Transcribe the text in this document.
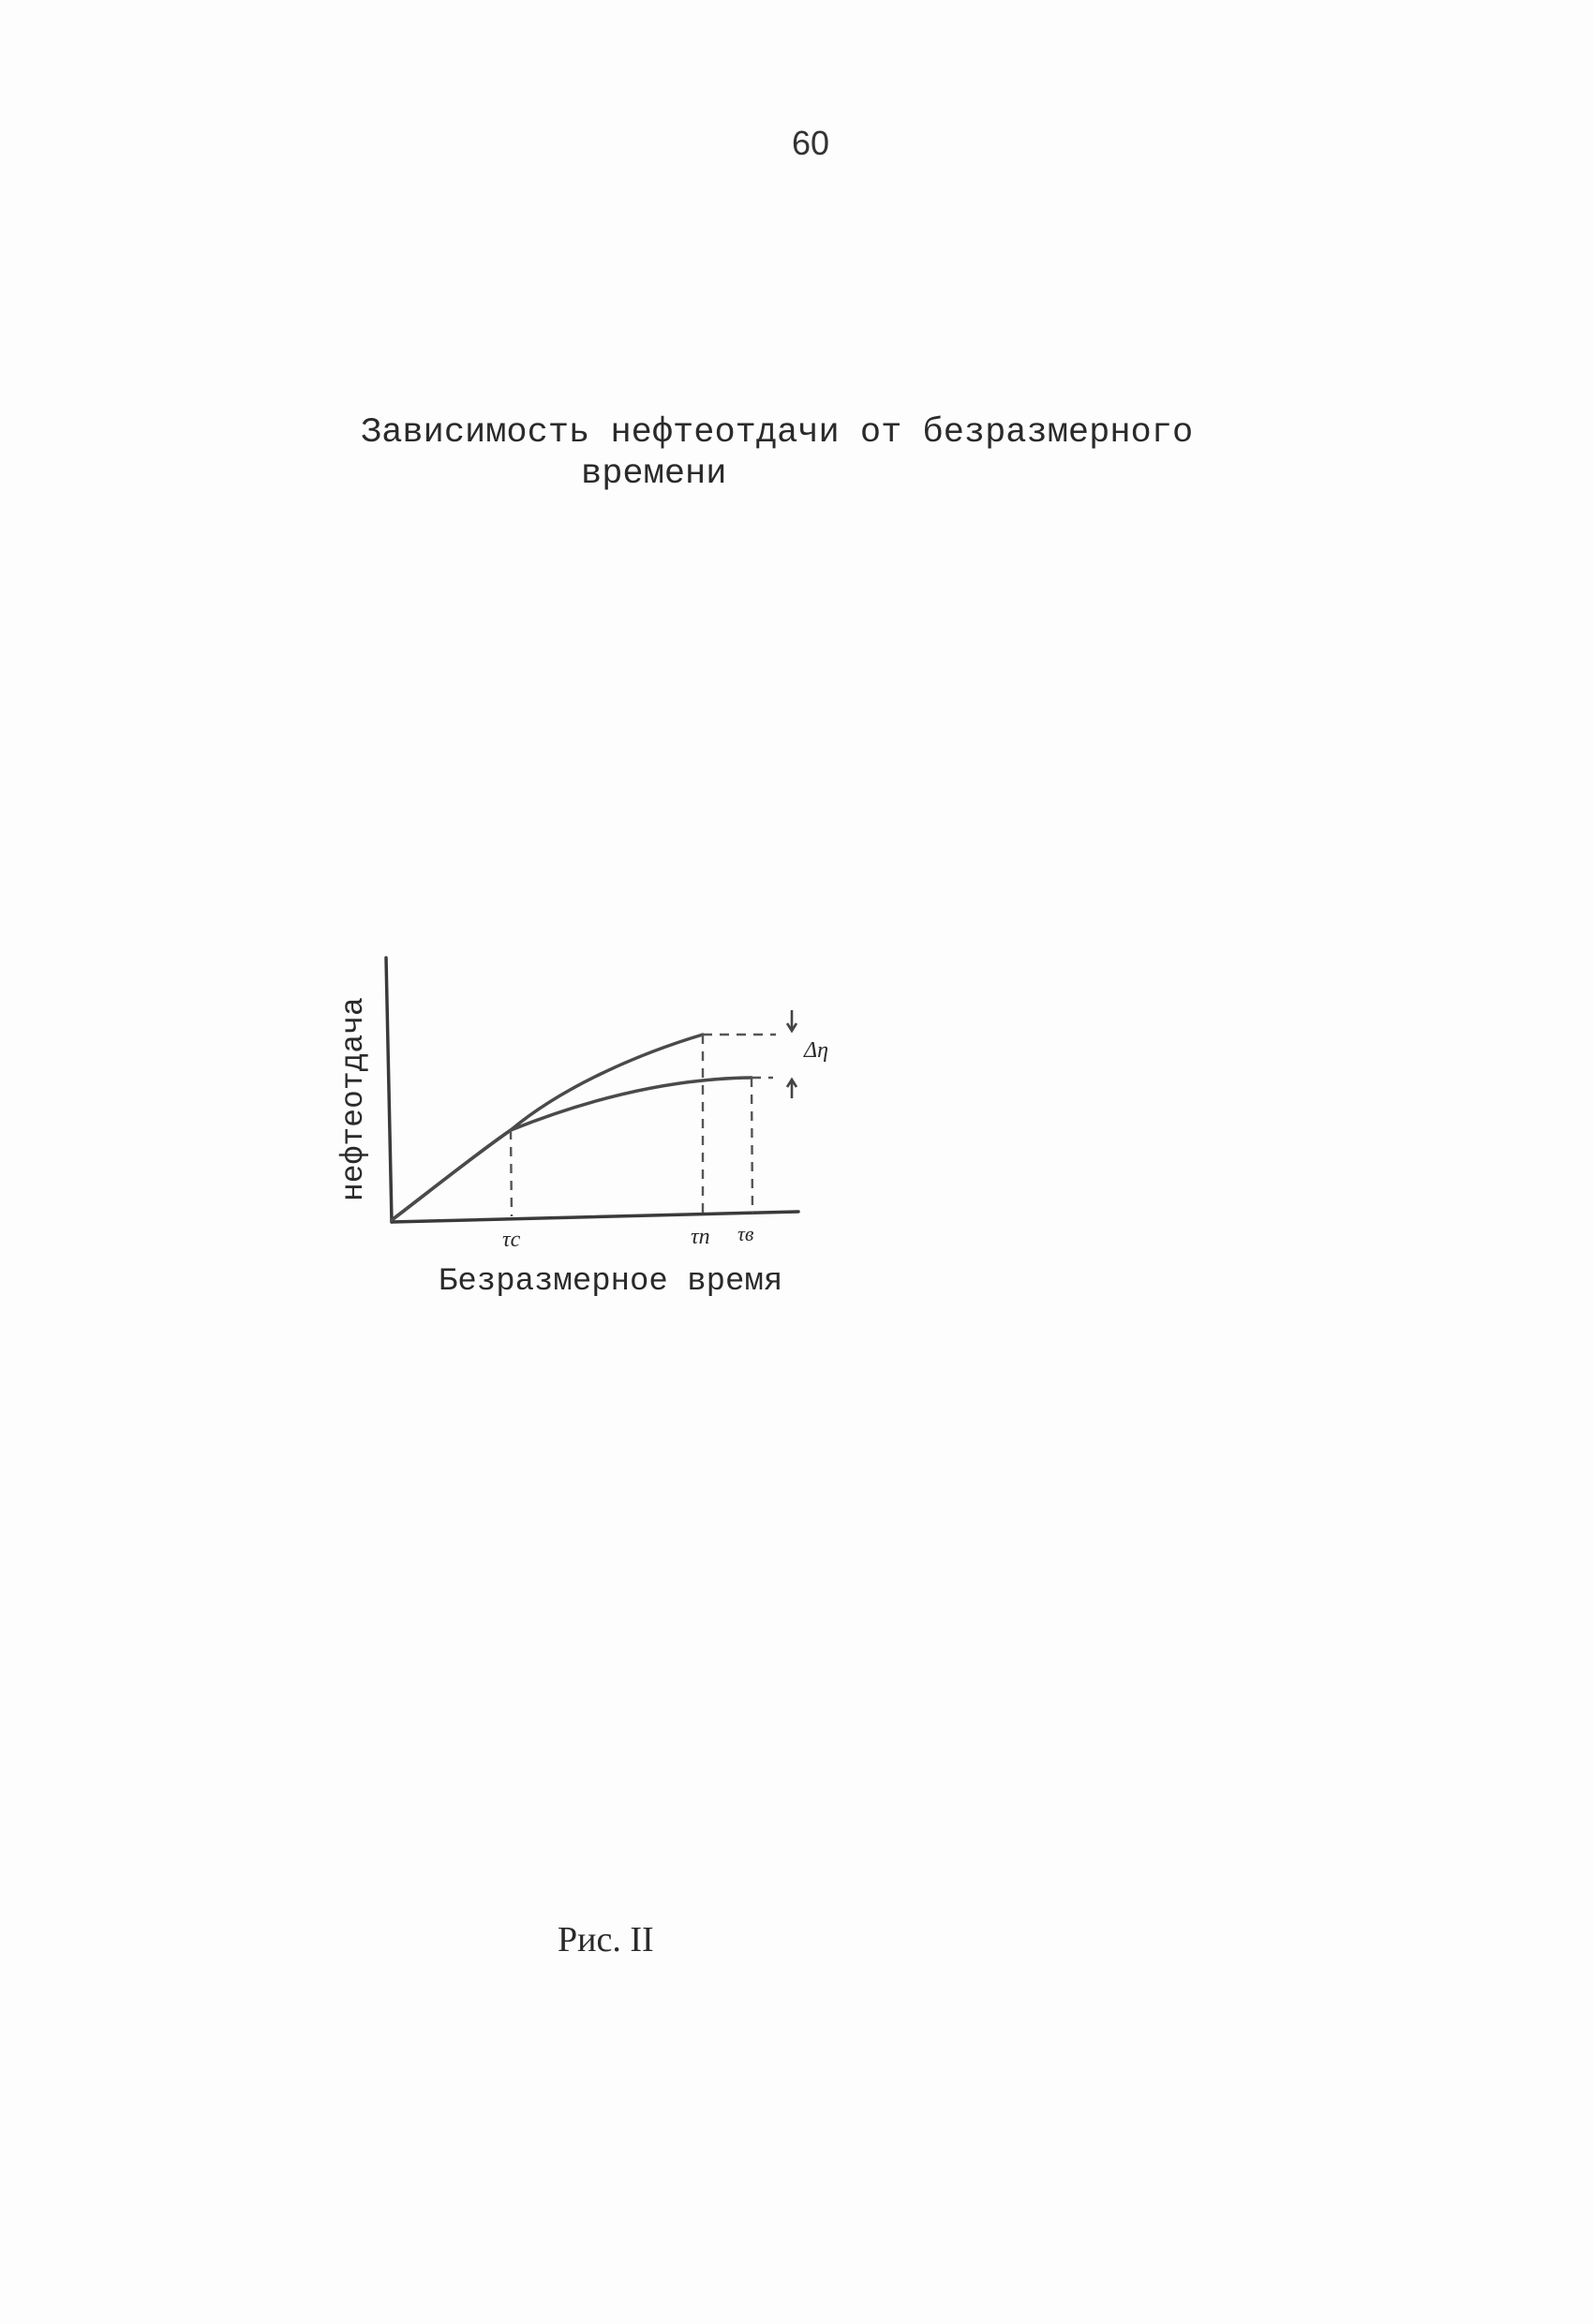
60
Зависимость нефтеотдачи от безразмерного
времени
Δη
τc	τп τв
нефтеотдача
Безразмерное время
Рис. II
